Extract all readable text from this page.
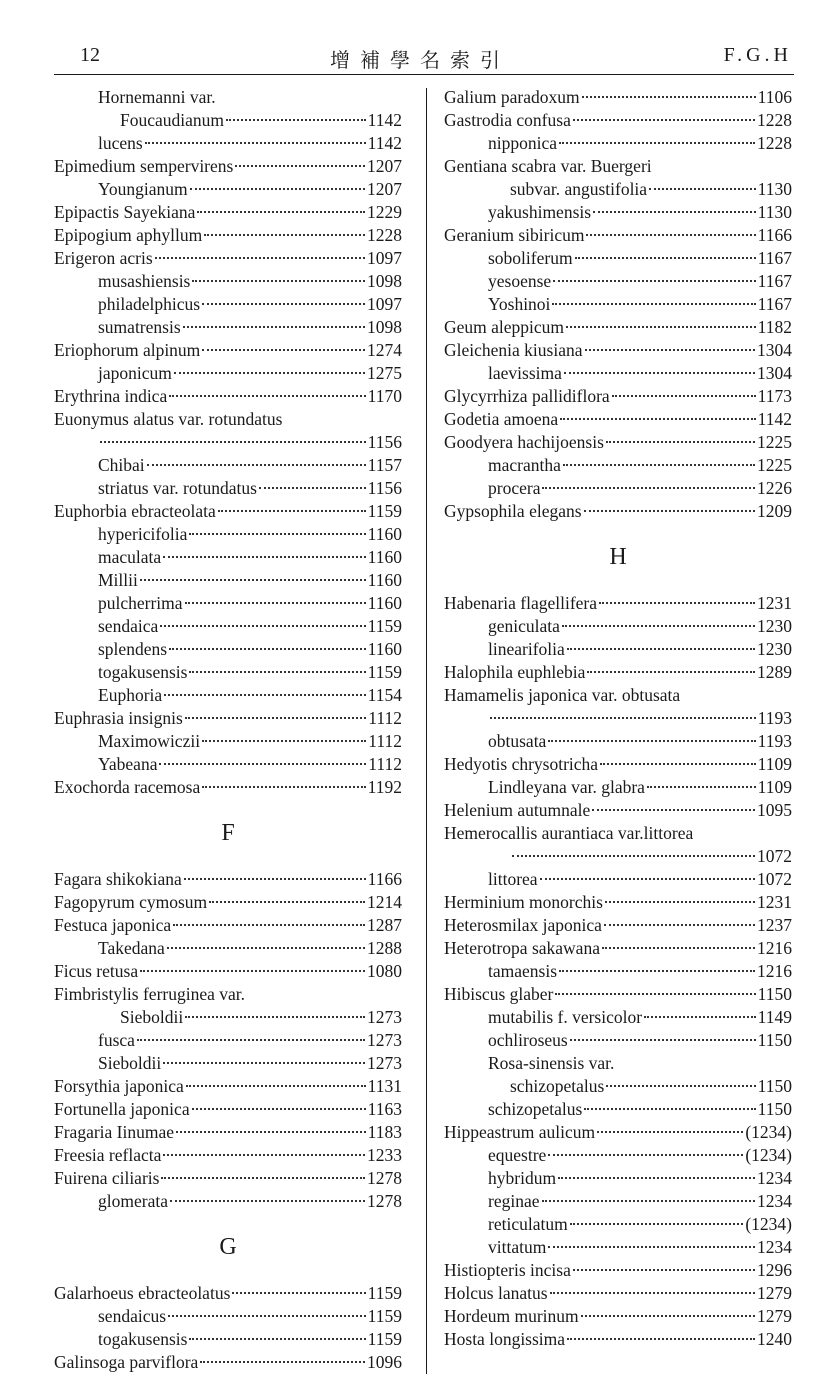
12	增補學名索引	F.G.H
Hornemanni var.
Foucaudianum	1142
lucens	1142
Epimedium sempervirens	1207
Youngianum	1207
Epipactis Sayekiana	1229
Epipogium aphyllum	1228
Erigeron acris	1097
musashiensis	1098
philadelphicus	1097
sumatrensis	1098
Eriophorum alpinum	1274
japonicum	1275
Erythrina indica	1170
Euonymus alatus var. rotundatus
1156
Chibai	1157
striatus var. rotundatus	1156
Euphorbia ebracteolata	1159
hypericifolia	1160
maculata	1160
Millii	1160
pulcherrima	1160
sendaica	1159
splendens	1160
togakusensis	1159
Euphoria	1154
Euphrasia insignis	1112
Maximowiczii	1112
Yabeana	1112
Exochorda racemosa	1192
F
Fagara shikokiana	1166
Fagopyrum cymosum	1214
Festuca japonica	1287
Takedana	1288
Ficus retusa	1080
Fimbristylis ferruginea var.
Sieboldii	1273
fusca	1273
Sieboldii	1273
Forsythia japonica	1131
Fortunella japonica	1163
Fragaria Iinumae	1183
Freesia reflacta	1233
Fuirena ciliaris	1278
glomerata	1278
G
Galarhoeus ebracteolatus	1159
sendaicus	1159
togakusensis	1159
Galinsoga parviflora	1096
Galium paradoxum	1106
Gastrodia confusa	1228
nipponica	1228
Gentiana scabra var. Buergeri
subvar. angustifolia	1130
yakushimensis	1130
Geranium sibiricum	1166
soboliferum	1167
yesoense	1167
Yoshinoi	1167
Geum aleppicum	1182
Gleichenia kiusiana	1304
laevissima	1304
Glycyrrhiza pallidiflora	1173
Godetia amoena	1142
Goodyera hachijoensis	1225
macrantha	1225
procera	1226
Gypsophila elegans	1209
H
Habenaria flagellifera	1231
geniculata	1230
linearifolia	1230
Halophila euphlebia	1289
Hamamelis japonica var. obtusata
1193
obtusata	1193
Hedyotis chrysotricha	1109
Lindleyana var. glabra	1109
Helenium autumnale	1095
Hemerocallis aurantiaca var.littorea
1072
littorea	1072
Herminium monorchis	1231
Heterosmilax japonica	1237
Heterotropa sakawana	1216
tamaensis	1216
Hibiscus glaber	1150
mutabilis f. versicolor	1149
ochliroseus	1150
Rosa-sinensis var.
schizopetalus	1150
schizopetalus	1150
Hippeastrum aulicum	(1234)
equestre	(1234)
hybridum	1234
reginae	1234
reticulatum	(1234)
vittatum	1234
Histiopteris incisa	1296
Holcus lanatus	1279
Hordeum murinum	1279
Hosta longissima	1240
